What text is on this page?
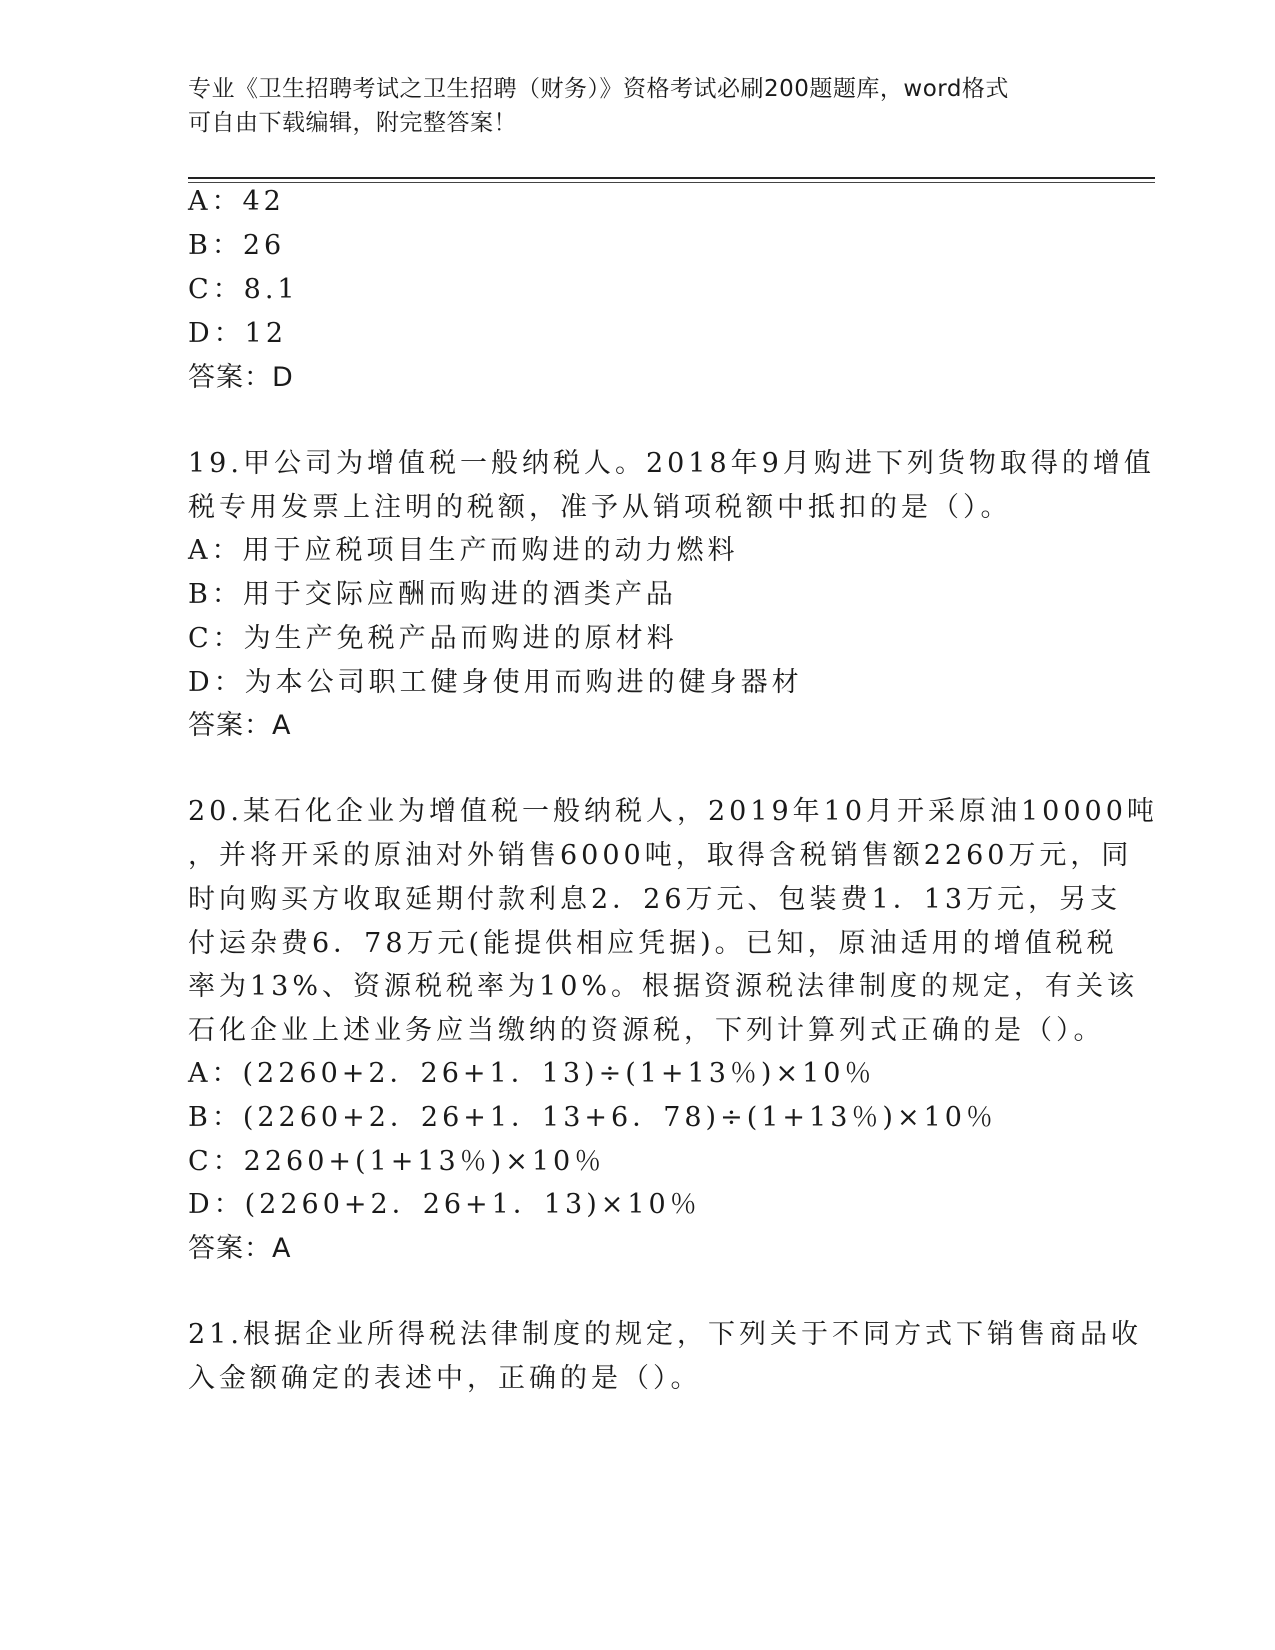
专业《卫生招聘考试之卫生招聘（财务）》资格考试必刷200题题库，word格式
可自由下载编辑，附完整答案！

A：42

B：26

C：8.1

D：12

答案：D

19.甲公司为增值税一般纳税人。2018年9月购进下列货物取得的增值

税专用发票上注明的税额，准予从销项税额中抵扣的是（）。

A：用于应税项目生产而购进的动力燃料

B：用于交际应酬而购进的酒类产品

C：为生产免税产品而购进的原材料

D：为本公司职工健身使用而购进的健身器材

答案：A

20.某石化企业为增值税一般纳税人，2019年10月开采原油10000吨

，并将开采的原油对外销售6000吨，取得含税销售额2260万元，同

时向购买方收取延期付款利息2．26万元、包装费1．13万元，另支

付运杂费6．78万元(能提供相应凭据)。已知，原油适用的增值税税

率为13%、资源税税率为10%。根据资源税法律制度的规定，有关该

石化企业上述业务应当缴纳的资源税，下列计算列式正确的是（）。

A：(2260+2．26+1．13)÷(1+13％)×10％

B：(2260+2．26+1．13+6．78)÷(1+13％)×10％

C：2260+(1+13％)×10％

D：(2260+2．26+1．13)×10％

答案：A

21.根据企业所得税法律制度的规定，下列关于不同方式下销售商品收

入金额确定的表述中，正确的是（）。
